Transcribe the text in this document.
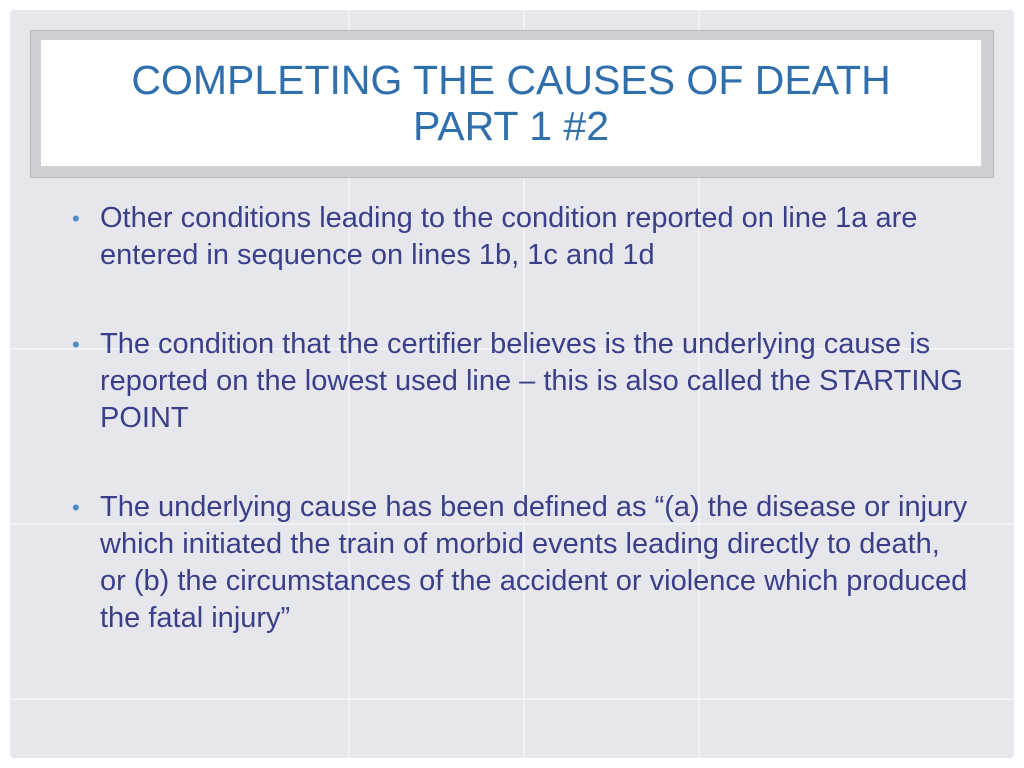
COMPLETING THE CAUSES OF DEATH
PART 1 #2
• Other conditions leading to the condition reported on line 1a are entered in sequence on lines 1b, 1c and 1d
• The condition that the certifier believes is the underlying cause is reported on the lowest used line – this is also called the STARTING POINT
• The underlying cause has been defined as “(a) the disease or injury which initiated the train of morbid events leading directly to death, or (b) the circumstances of the accident or violence which produced the fatal injury”
